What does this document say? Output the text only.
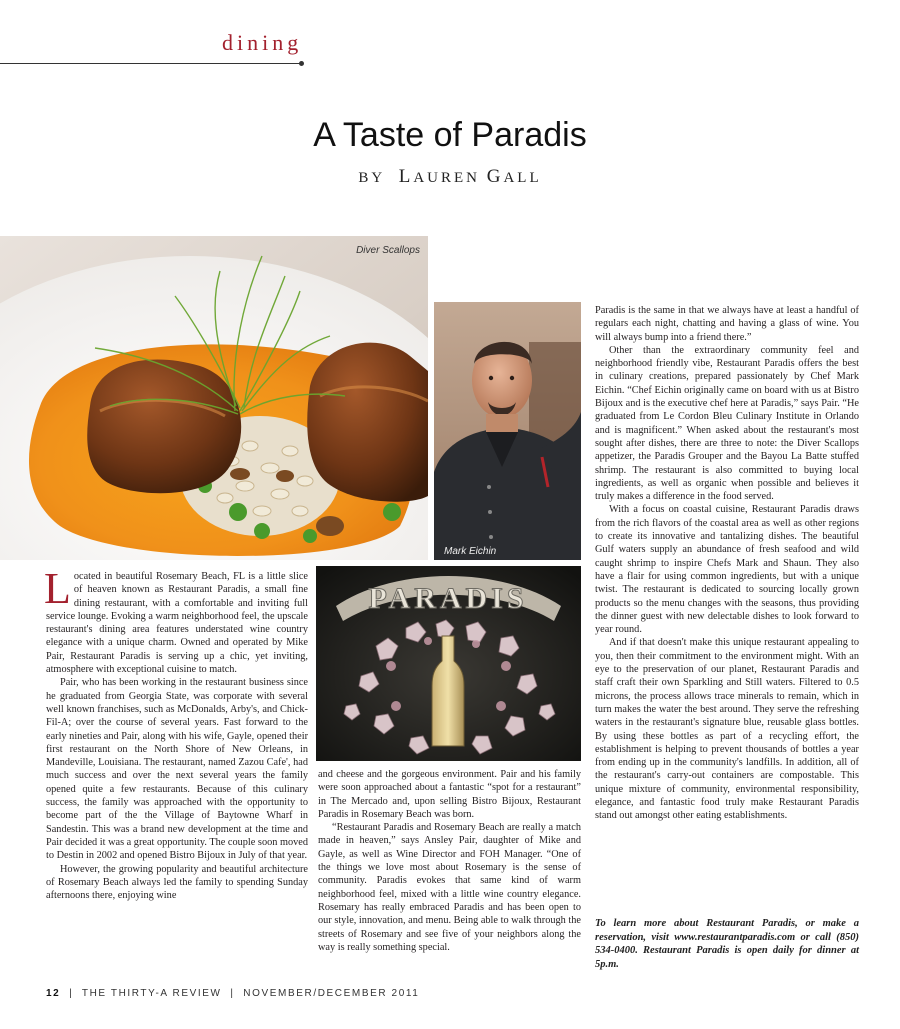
dining
A Taste of Paradis
BY LAUREN GALL
Diver Scallops
Mark Eichin
PARADIS

Located in beautiful Rosemary Beach, FL is a little slice of heaven known as Restaurant Paradis, a small fine dining restaurant, with a comfortable and inviting full service lounge. Evoking a warm neighborhood feel, the upscale restaurant's dining area features understated wine country elegance with a unique charm. Owned and operated by Mike Pair, Restaurant Paradis is serving up a chic, yet inviting, atmosphere with exceptional cuisine to match.

Pair, who has been working in the restaurant business since he graduated from Georgia State, was corporate with several well known franchises, such as McDonalds, Arby's, and Chick-Fil-A; over the course of several years. Fast forward to the early nineties and Pair, along with his wife, Gayle, opened their first restaurant on the North Shore of New Orleans, in Mandeville, Louisiana. The restaurant, named Zazou Cafe', had much success and over the next several years the family opened quite a few restaurants. Because of this culinary success, the family was approached with the opportunity to become part of the the Village of Baytowne Wharf in Sandestin. This was a brand new development at the time and Pair decided it was a great opportunity. The couple soon moved to Destin in 2002 and opened Bistro Bijoux in July of that year.

However, the growing popularity and beautiful architecture of Rosemary Beach always led the family to spending Sunday afternoons there, enjoying wine

and cheese and the gorgeous environment. Pair and his family were soon approached about a fantastic “spot for a restaurant” in The Mercado and, upon selling Bistro Bijoux, Restaurant Paradis in Rosemary Beach was born.

“Restaurant Paradis and Rosemary Beach are really a match made in heaven,” says Ansley Pair, daughter of Mike and Gayle, as well as Wine Director and FOH Manager. “One of the things we love most about Rosemary is the sense of community. Paradis evokes that same kind of warm neighborhood feel, mixed with a little wine country elegance. Rosemary has really embraced Paradis and has been open to our style, innovation, and menu. Being able to walk through the streets of Rosemary and see five of your neighbors along the way is really something special.

Paradis is the same in that we always have at least a handful of regulars each night, chatting and having a glass of wine. You will always bump into a friend there.”

Other than the extraordinary community feel and neighborhood friendly vibe, Restaurant Paradis offers the best in culinary creations, prepared passionately by Chef Mark Eichin. “Chef Eichin originally came on board with us at Bistro Bijoux and is the executive chef here at Paradis,” says Pair. “He graduated from Le Cordon Bleu Culinary Institute in Orlando and is magnificent.” When asked about the restaurant's most sought after dishes, there are three to note: the Diver Scallops appetizer, the Paradis Grouper and the Bayou La Batte stuffed shrimp. The restaurant is also committed to buying local ingredients, as well as organic when possible and believes it truly makes a difference in the food served.

With a focus on coastal cuisine, Restaurant Paradis draws from the rich flavors of the coastal area as well as other regions to create its innovative and tantalizing dishes. The beautiful Gulf waters supply an abundance of fresh seafood and wild caught shrimp to inspire Chefs Mark and Shaun. They also have a flair for using common ingredients, but with a unique twist. The restaurant is dedicated to sourcing locally grown products so the menu changes with the seasons, thus providing the dinner guest with new delectable dishes to look forward to year round.

And if that doesn't make this unique restaurant appealing to you, then their commitment to the environment might. With an eye to the preservation of our planet, Restaurant Paradis and staff craft their own Sparkling and Still waters. Filtered to 0.5 microns, the process allows trace minerals to remain, which in turn makes the water the best around. They serve the refreshing waters in the restaurant's signature blue, reusable glass bottles. By using these bottles as part of a recycling effort, the establishment is helping to prevent thousands of bottles a year from ending up in the community's landfills. In addition, all of the restaurant's carry-out containers are compostable. This unique mixture of community, environmental responsibility, elegance, and fantastic food truly make Restaurant Paradis stand out amongst other eating establishments.

To learn more about Restaurant Paradis, or make a reservation, visit www.restaurantparadis.com or call (850) 534-0400. Restaurant Paradis is open daily for dinner at 5p.m.
12 | THE THIRTY-A REVIEW | NOVEMBER/DECEMBER 2011
